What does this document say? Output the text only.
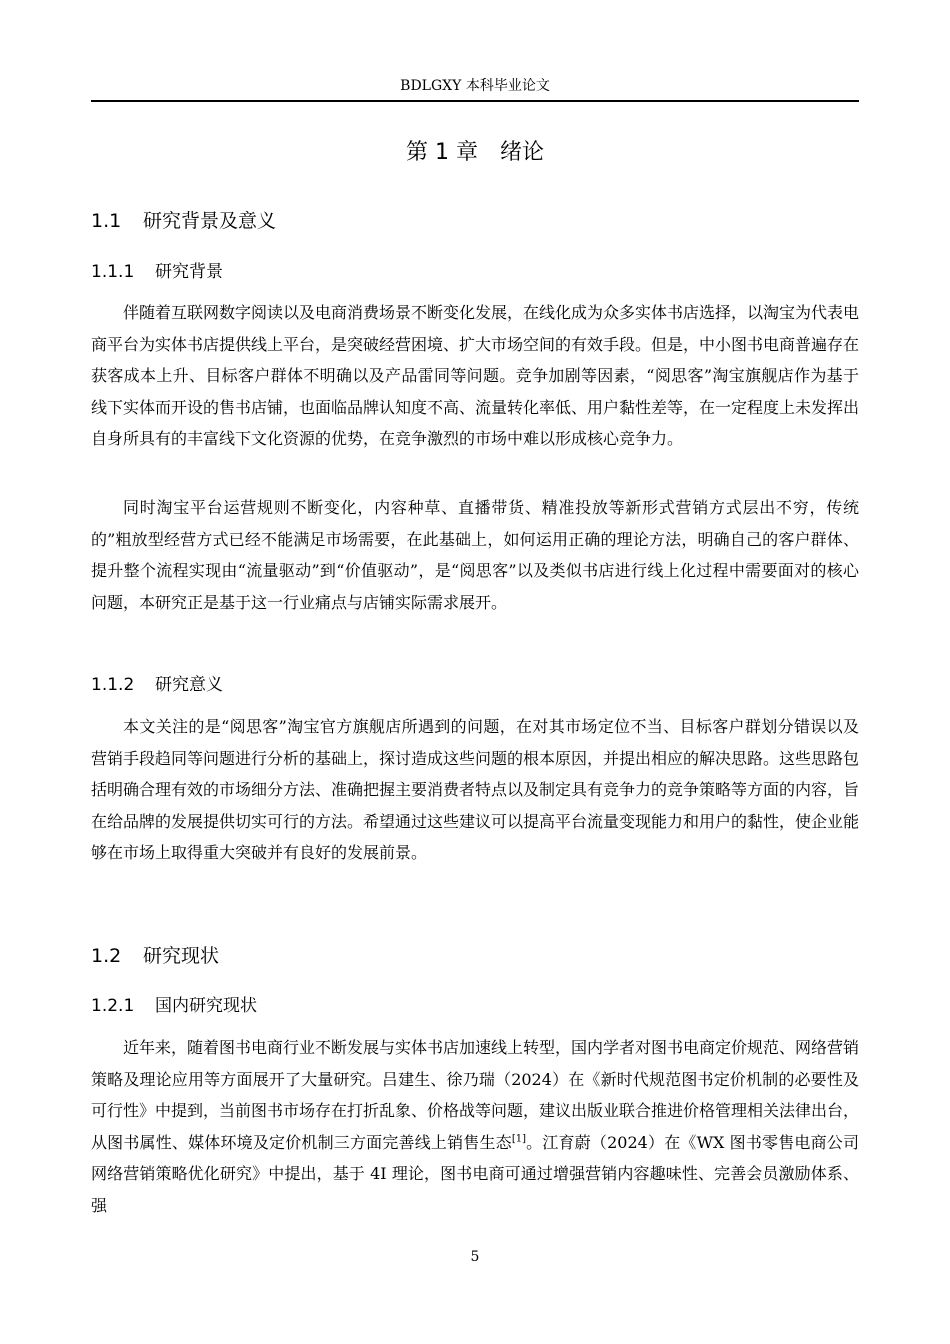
BDLGXY 本科毕业论文
第 1 章 绪论
1.1 研究背景及意义
1.1.1 研究背景

伴随着互联网数字阅读以及电商消费场景不断变化发展，在线化成为众多实体书店选择，以淘宝为代表电商平台为实体书店提供线上平台，是突破经营困境、扩大市场空间的有效手段。但是，中小图书电商普遍存在获客成本上升、目标客户群体不明确以及产品雷同等问题。竞争加剧等因素，“阅思客”淘宝旗舰店作为基于线下实体而开设的售书店铺，也面临品牌认知度不高、流量转化率低、用户黏性差等，在一定程度上未发挥出自身所具有的丰富线下文化资源的优势，在竞争激烈的市场中难以形成核心竞争力。

同时淘宝平台运营规则不断变化，内容种草、直播带货、精准投放等新形式营销方式层出不穷，传统的”粗放型经营方式已经不能满足市场需要，在此基础上，如何运用正确的理论方法，明确自己的客户群体、提升整个流程实现由“流量驱动”到“价值驱动”，是“阅思客”以及类似书店进行线上化过程中需要面对的核心问题，本研究正是基于这一行业痛点与店铺实际需求展开。

1.1.2 研究意义

本文关注的是“阅思客”淘宝官方旗舰店所遇到的问题，在对其市场定位不当、目标客户群划分错误以及营销手段趋同等问题进行分析的基础上，探讨造成这些问题的根本原因，并提出相应的解决思路。这些思路包括明确合理有效的市场细分方法、准确把握主要消费者特点以及制定具有竞争力的竞争策略等方面的内容，旨在给品牌的发展提供切实可行的方法。希望通过这些建议可以提高平台流量变现能力和用户的黏性，使企业能够在市场上取得重大突破并有良好的发展前景。

1.2 研究现状
1.2.1 国内研究现状

近年来，随着图书电商行业不断发展与实体书店加速线上转型，国内学者对图书电商定价规范、网络营销策略及理论应用等方面展开了大量研究。吕建生、徐乃瑞（2024）在《新时代规范图书定价机制的必要性及可行性》中提到，当前图书市场存在打折乱象、价格战等问题，建议出版业联合推进价格管理相关法律出台，从图书属性、媒体环境及定价机制三方面完善线上销售生态[1]。江育蔚（2024）在《WX 图书零售电商公司网络营销策略优化研究》中提出，基于 4I 理论，图书电商可通过增强营销内容趣味性、完善会员激励体系、强

5
